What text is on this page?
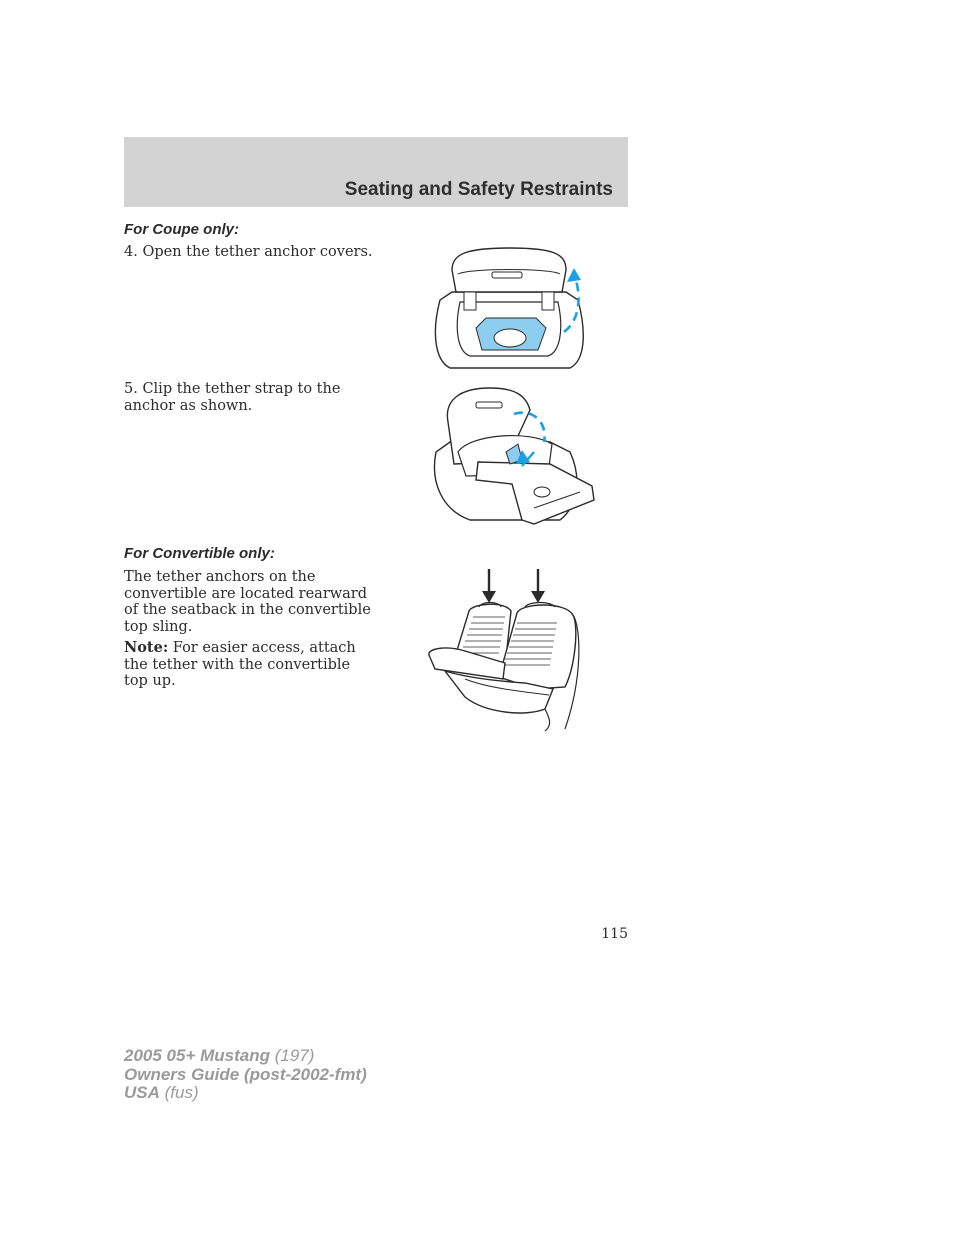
Seating and Safety Restraints
For Coupe only:

4. Open the tether anchor covers.

5. Clip the tether strap to the anchor as shown.

For Convertible only:

The tether anchors on the convertible are located rearward of the seatback in the convertible top sling.

Note: For easier access, attach the tether with the convertible top up.

115
2005 05+ Mustang (197)
Owners Guide (post-2002-fmt)
USA (fus)
